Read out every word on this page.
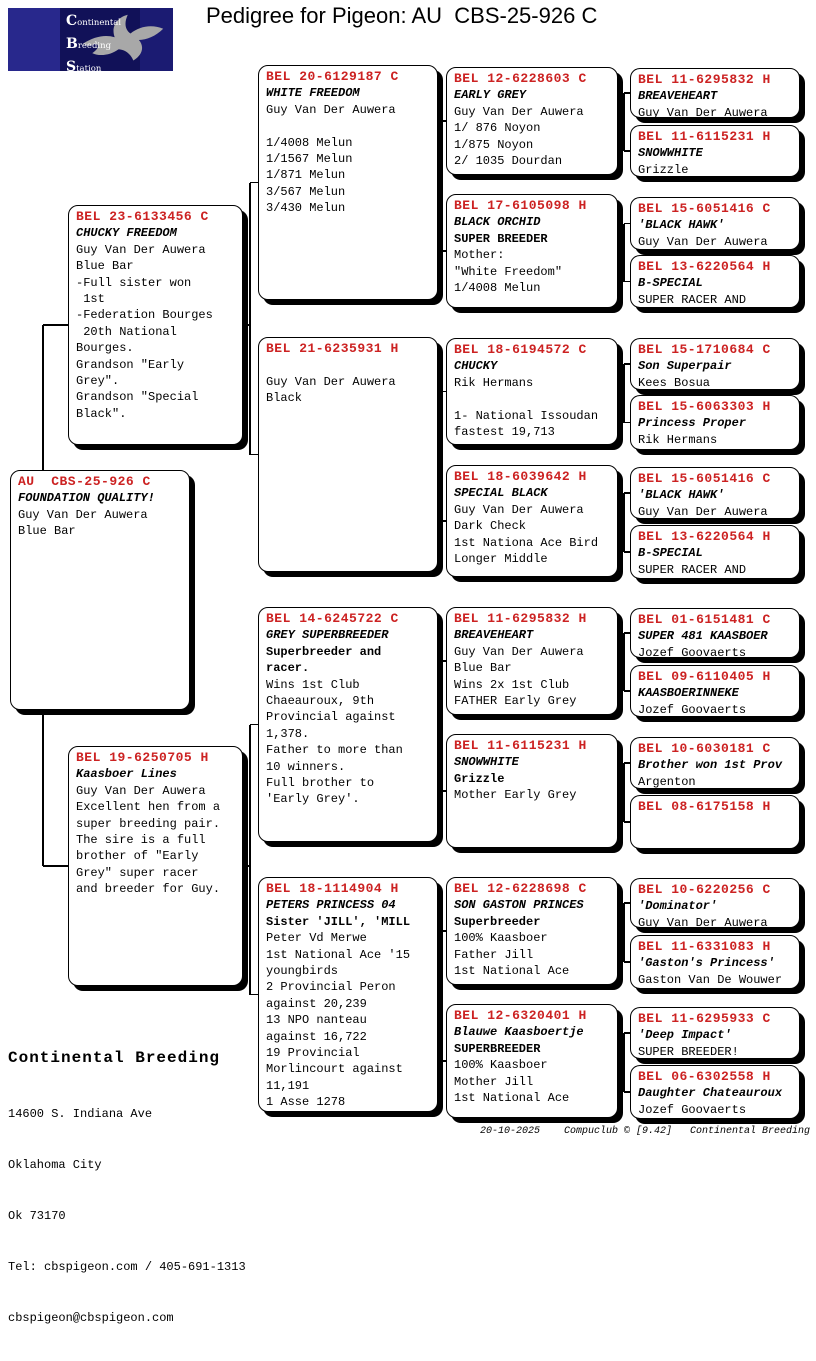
Continental
Breeding
Station
Pedigree for Pigeon: AU  CBS-25-926 C
AU  CBS-25-926 C
FOUNDATION QUALITY!
Guy Van Der Auwera
Blue Bar
BEL 23-6133456 C
CHUCKY FREEDOM
Guy Van Der Auwera
Blue Bar
-Full sister won
1st
-Federation Bourges
20th National
Bourges.
Grandson "Early
Grey".
Grandson "Special
Black".
BEL 19-6250705 H
Kaasboer Lines
Guy Van Der Auwera
Excellent hen from a
super breeding pair.
The sire is a full
brother of "Early
Grey" super racer
and breeder for Guy.
BEL 20-6129187 C
WHITE FREEDOM
Guy Van Der Auwera

1/4008 Melun
1/1567 Melun
1/871 Melun
3/567 Melun
3/430 Melun
BEL 21-6235931 H

Guy Van Der Auwera
Black
BEL 14-6245722 C
GREY SUPERBREEDER
Superbreeder and
racer.
Wins 1st Club
Chaeauroux, 9th
Provincial against
1,378.
Father to more than
10 winners.
Full brother to
'Early Grey'.
BEL 18-1114904 H
PETERS PRINCESS 04
Sister 'JILL', 'MILL
Peter Vd Merwe
1st National Ace '15
youngbirds
2 Provincial Peron
against 20,239
13 NPO nanteau
against 16,722
19 Provincial
Morlincourt against
11,191
1 Asse 1278
BEL 12-6228603 C
EARLY GREY
Guy Van Der Auwera
1/ 876 Noyon
1/875 Noyon
2/ 1035 Dourdan
BEL 17-6105098 H
BLACK ORCHID
SUPER BREEDER
Mother:
"White Freedom"
1/4008 Melun
BEL 18-6194572 C
CHUCKY
Rik Hermans

1- National Issoudan
fastest 19,713
BEL 18-6039642 H
SPECIAL BLACK
Guy Van Der Auwera
Dark Check
1st Nationa Ace Bird
Longer Middle
BEL 11-6295832 H
BREAVEHEART
Guy Van Der Auwera
Blue Bar
Wins 2x 1st Club
FATHER Early Grey
BEL 11-6115231 H
SNOWWHITE
Grizzle
Mother Early Grey
BEL 12-6228698 C
SON GASTON PRINCES
Superbreeder
100% Kaasboer
Father Jill
1st National Ace
BEL 12-6320401 H
Blauwe Kaasboertje
SUPERBREEDER
100% Kaasboer
Mother Jill
1st National Ace
BEL 11-6295832 H
BREAVEHEART
Guy Van Der Auwera
BEL 11-6115231 H
SNOWWHITE
Grizzle
BEL 15-6051416 C
'BLACK HAWK'
Guy Van Der Auwera
BEL 13-6220564 H
B-SPECIAL
SUPER RACER AND
BEL 15-1710684 C
Son Superpair
Kees Bosua
BEL 15-6063303 H
Princess Proper
Rik Hermans
BEL 15-6051416 C
'BLACK HAWK'
Guy Van Der Auwera
BEL 13-6220564 H
B-SPECIAL
SUPER RACER AND
BEL 01-6151481 C
SUPER 481 KAASBOER
Jozef Goovaerts
BEL 09-6110405 H
KAASBOERINNEKE
Jozef Goovaerts
BEL 10-6030181 C
Brother won 1st Prov
Argenton
BEL 08-6175158 H
BEL 10-6220256 C
'Dominator'
Guy Van Der Auwera
BEL 11-6331083 H
'Gaston's Princess'
Gaston Van De Wouwer
BEL 11-6295933 C
'Deep Impact'
SUPER BREEDER!
BEL 06-6302558 H
Daughter Chateauroux
Jozef Goovaerts

Continental Breeding

14600 S. Indiana Ave

Oklahoma City

Ok 73170

Tel: cbspigeon.com / 405-691-1313

cbspigeon@cbspigeon.com

20-10-2025    Compuclub © [9.42]   Continental Breeding
